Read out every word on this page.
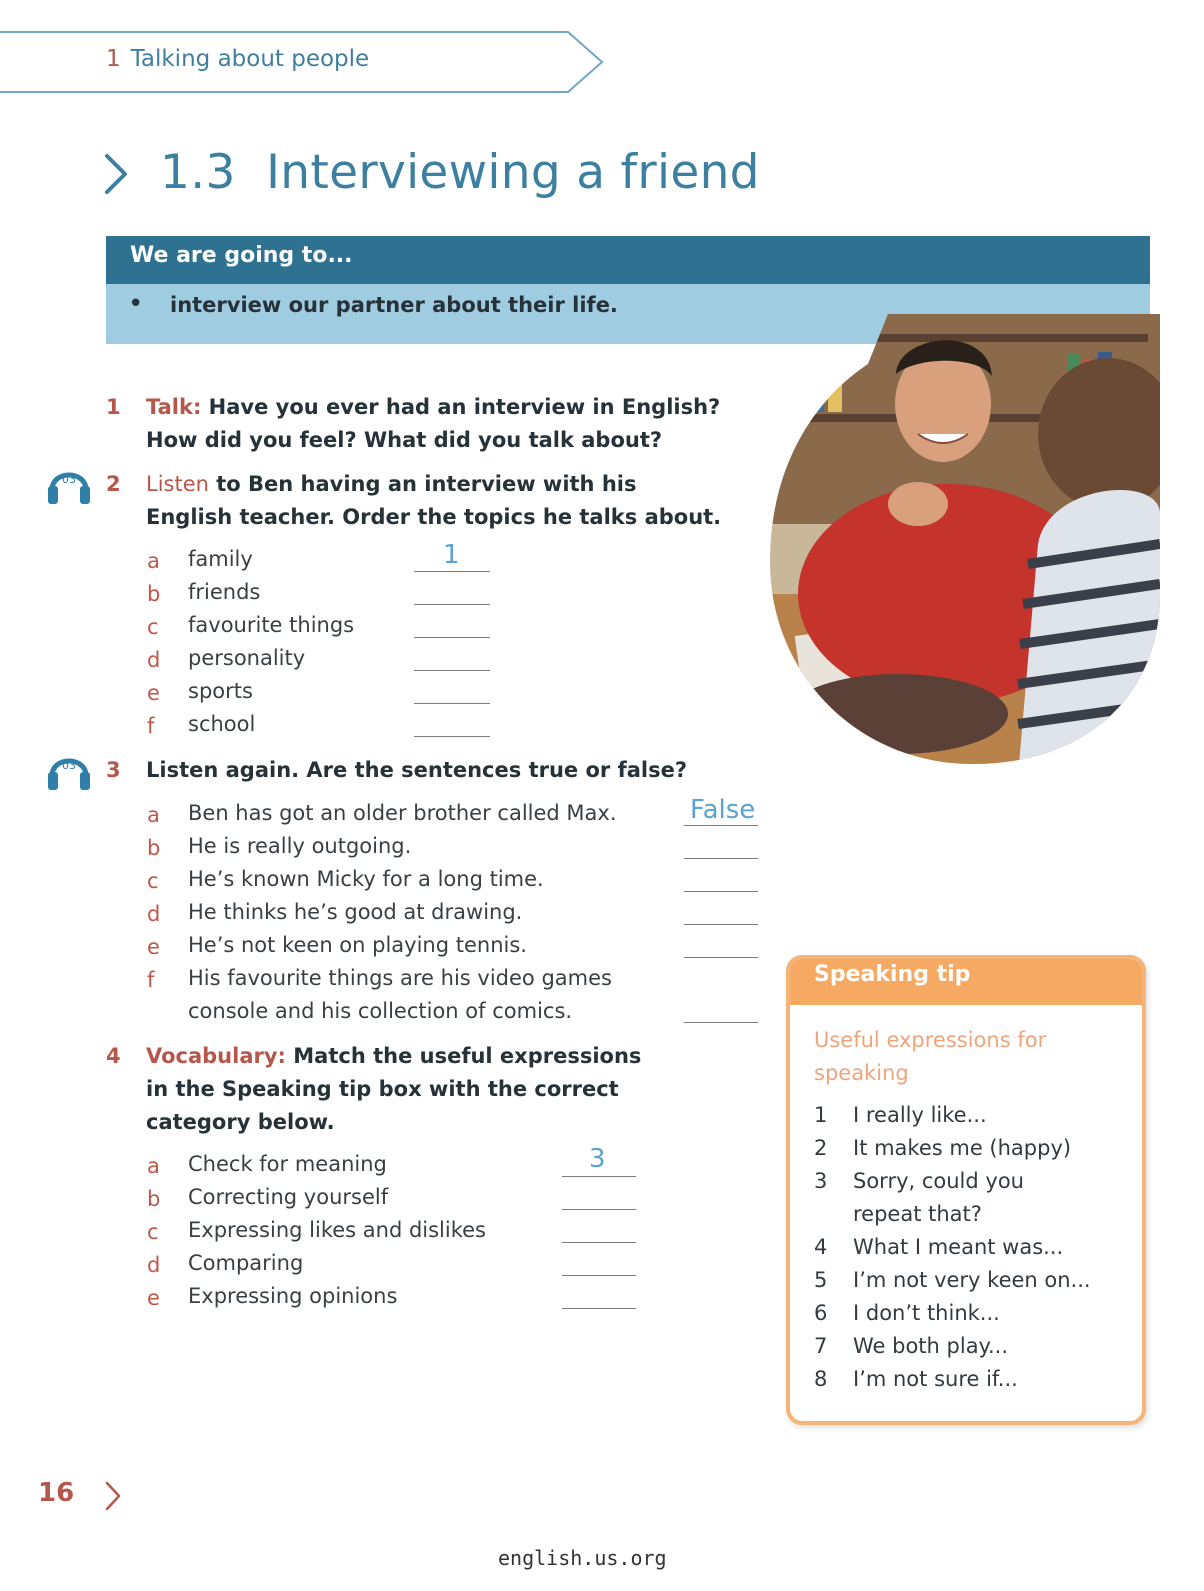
1 Talking about people
1.3 Interviewing a friend
We are going to...
• interview our partner about their life.
1 Talk: Have you ever had an interview in English?
How did you feel? What did you talk about?
03 2 Listen to Ben having an interview with his
English teacher. Order the topics he talks about.
a family	1
b friends
c favourite things
d personality
e sports
f school
03 3 Listen again. Are the sentences true or false?
a Ben has got an older brother called Max.	False
b He is really outgoing.
c He’s known Micky for a long time.
d He thinks he’s good at drawing.
e He’s not keen on playing tennis.
f His favourite things are his video games
console and his collection of comics.
4 Vocabulary: Match the useful expressions
in the Speaking tip box with the correct
category below.
a Check for meaning	3
b Correcting yourself
c Expressing likes and dislikes
d Comparing
e Expressing opinions
Speaking tip
Useful expressions for speaking
1 I really like...
2 It makes me (happy)
3 Sorry, could you
repeat that?
4 What I meant was...
5 I’m not very keen on...
6 I don’t think...
7 We both play...
8 I’m not sure if...
16
english.us.org
